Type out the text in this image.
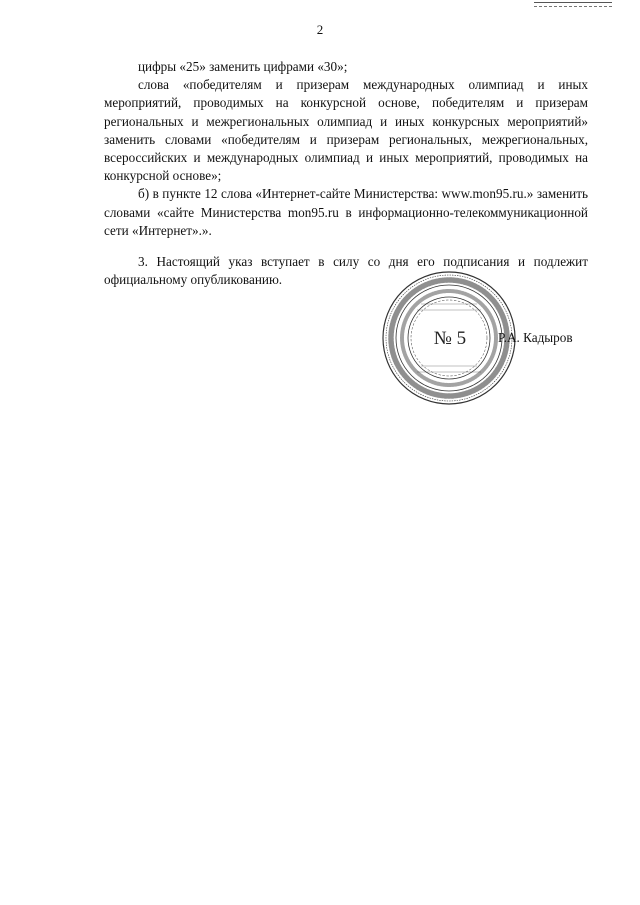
2

цифры «25» заменить цифрами «30»;

слова «победителям и призерам международных олимпиад и иных мероприятий, проводимых на конкурсной основе, победителям и призерам региональных и межрегиональных олимпиад и иных конкурсных мероприятий» заменить словами «победителям и призерам региональных, межрегиональных, всероссийских и международных олимпиад и иных мероприятий, проводимых на конкурсной основе»;

б) в пункте 12 слова «Интернет-сайте Министерства: www.mon95.ru.» заменить словами «сайте Министерства mon95.ru в информационно-телекоммуникационной сети «Интернет».».

3. Настоящий указ вступает в силу со дня его подписания и подлежит официальному опубликованию.

№ 5 Р.А. Кадыров
